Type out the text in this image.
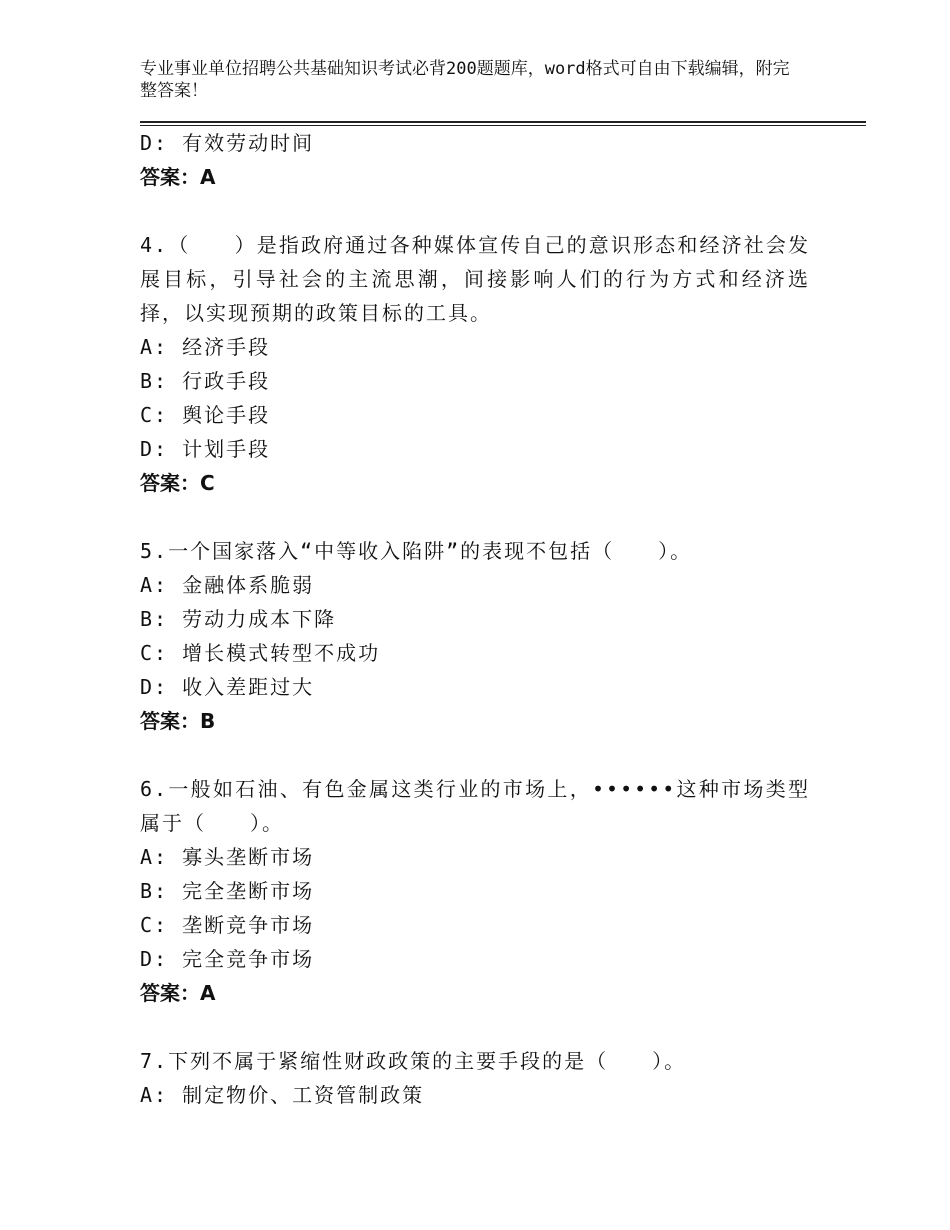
专业事业单位招聘公共基础知识考试必背200题题库，word格式可自由下载编辑，附完整答案！
D: 有效劳动时间
答案：A
4.（　　）是指政府通过各种媒体宣传自己的意识形态和经济社会发展目标，引导社会的主流思潮，间接影响人们的行为方式和经济选择，以实现预期的政策目标的工具。
A: 经济手段
B: 行政手段
C: 舆论手段
D: 计划手段
答案：C
5.一个国家落入“中等收入陷阱”的表现不包括（　　）。
A: 金融体系脆弱
B: 劳动力成本下降
C: 增长模式转型不成功
D: 收入差距过大
答案：B
6.一般如石油、有色金属这类行业的市场上，••••••这种市场类型属于（　　）。
A: 寡头垄断市场
B: 完全垄断市场
C: 垄断竞争市场
D: 完全竞争市场
答案：A
7.下列不属于紧缩性财政政策的主要手段的是（　　）。
A: 制定物价、工资管制政策
